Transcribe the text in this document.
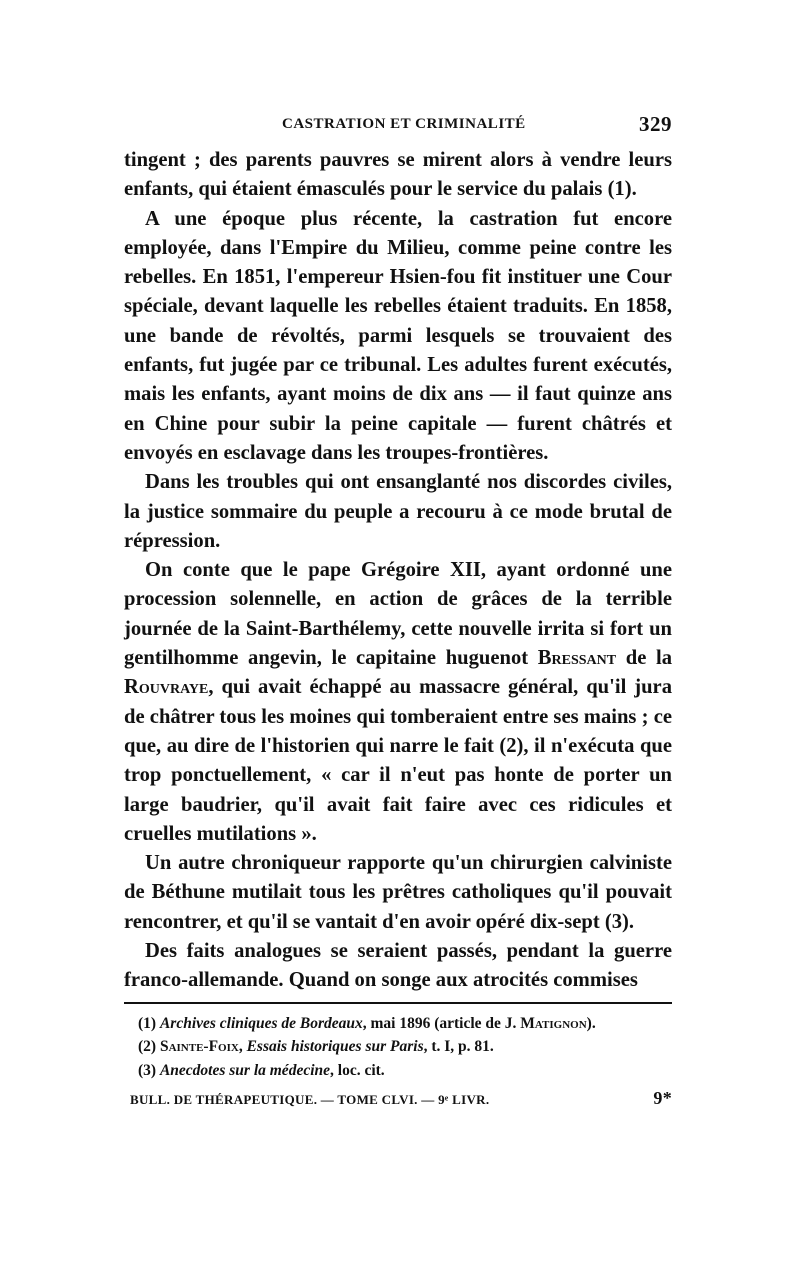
CASTRATION ET CRIMINALITÉ	329

tingent ; des parents pauvres se mirent alors à vendre leurs enfants, qui étaient émasculés pour le service du palais (1).

A une époque plus récente, la castration fut encore employée, dans l'Empire du Milieu, comme peine contre les rebelles. En 1851, l'empereur Hsien-fou fit instituer une Cour spéciale, devant laquelle les rebelles étaient traduits. En 1858, une bande de révoltés, parmi lesquels se trouvaient des enfants, fut jugée par ce tribunal. Les adultes furent exécutés, mais les enfants, ayant moins de dix ans — il faut quinze ans en Chine pour subir la peine capitale — furent châtrés et envoyés en esclavage dans les troupes-frontières.

Dans les troubles qui ont ensanglanté nos discordes civiles, la justice sommaire du peuple a recouru à ce mode brutal de répression.

On conte que le pape Grégoire XII, ayant ordonné une procession solennelle, en action de grâces de la terrible journée de la Saint-Barthélemy, cette nouvelle irrita si fort un gentilhomme angevin, le capitaine huguenot Bressant de la Rouvraye, qui avait échappé au massacre général, qu'il jura de châtrer tous les moines qui tomberaient entre ses mains ; ce que, au dire de l'historien qui narre le fait (2), il n'exécuta que trop ponctuellement, « car il n'eut pas honte de porter un large baudrier, qu'il avait fait faire avec ces ridicules et cruelles mutilations ».

Un autre chroniqueur rapporte qu'un chirurgien calviniste de Béthune mutilait tous les prêtres catholiques qu'il pouvait rencontrer, et qu'il se vantait d'en avoir opéré dix-sept (3).

Des faits analogues se seraient passés, pendant la guerre franco-allemande. Quand on songe aux atrocités commises

(1) Archives cliniques de Bordeaux, mai 1896 (article de J. Matignon).

(2) Sainte-Foix, Essais historiques sur Paris, t. I, p. 81.

(3) Anecdotes sur la médecine, loc. cit.

BULL. DE THÉRAPEUTIQUE. — TOME CLVI. — 9ᵉ LIVR.	9*
